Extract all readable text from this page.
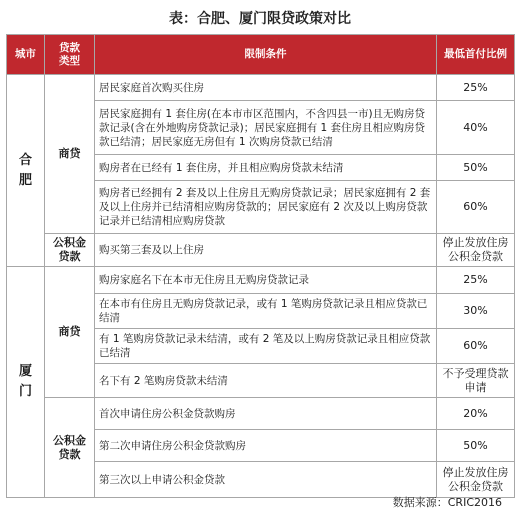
表：合肥、厦门限贷政策对比
城市	贷款类型	限制条件	最低首付比例
合肥	商贷	居民家庭首次购买住房	25%
		居民家庭拥有 1 套住房(在本市市区范围内，不含四县一市)且无购房贷款记录(含在外地购房贷款记录)；居民家庭拥有 1 套住房且相应购房贷款已结清；居民家庭无房但有 1 次购房贷款已结清	40%
		购房者在已经有 1 套住房，并且相应购房贷款未结清	50%
		购房者已经拥有 2 套及以上住房且无购房贷款记录；居民家庭拥有 2 套及以上住房并已结清相应购房贷款的；居民家庭有 2 次及以上购房贷款记录并已结清相应购房贷款	60%
	公积金贷款	购买第三套及以上住房	停止发放住房公积金贷款
厦门	商贷	购房家庭名下在本市无住房且无购房贷款记录	25%
		在本市有住房且无购房贷款记录，或有 1 笔购房贷款记录且相应贷款已结清	30%
		有 1 笔购房贷款记录未结清，或有 2 笔及以上购房贷款记录且相应贷款已结清	60%
		名下有 2 笔购房贷款未结清	不予受理贷款申请
	公积金贷款	首次申请住房公积金贷款购房	20%
		第二次申请住房公积金贷款购房	50%
		第三次以上申请公积金贷款	停止发放住房公积金贷款
数据来源：CRIC2016
